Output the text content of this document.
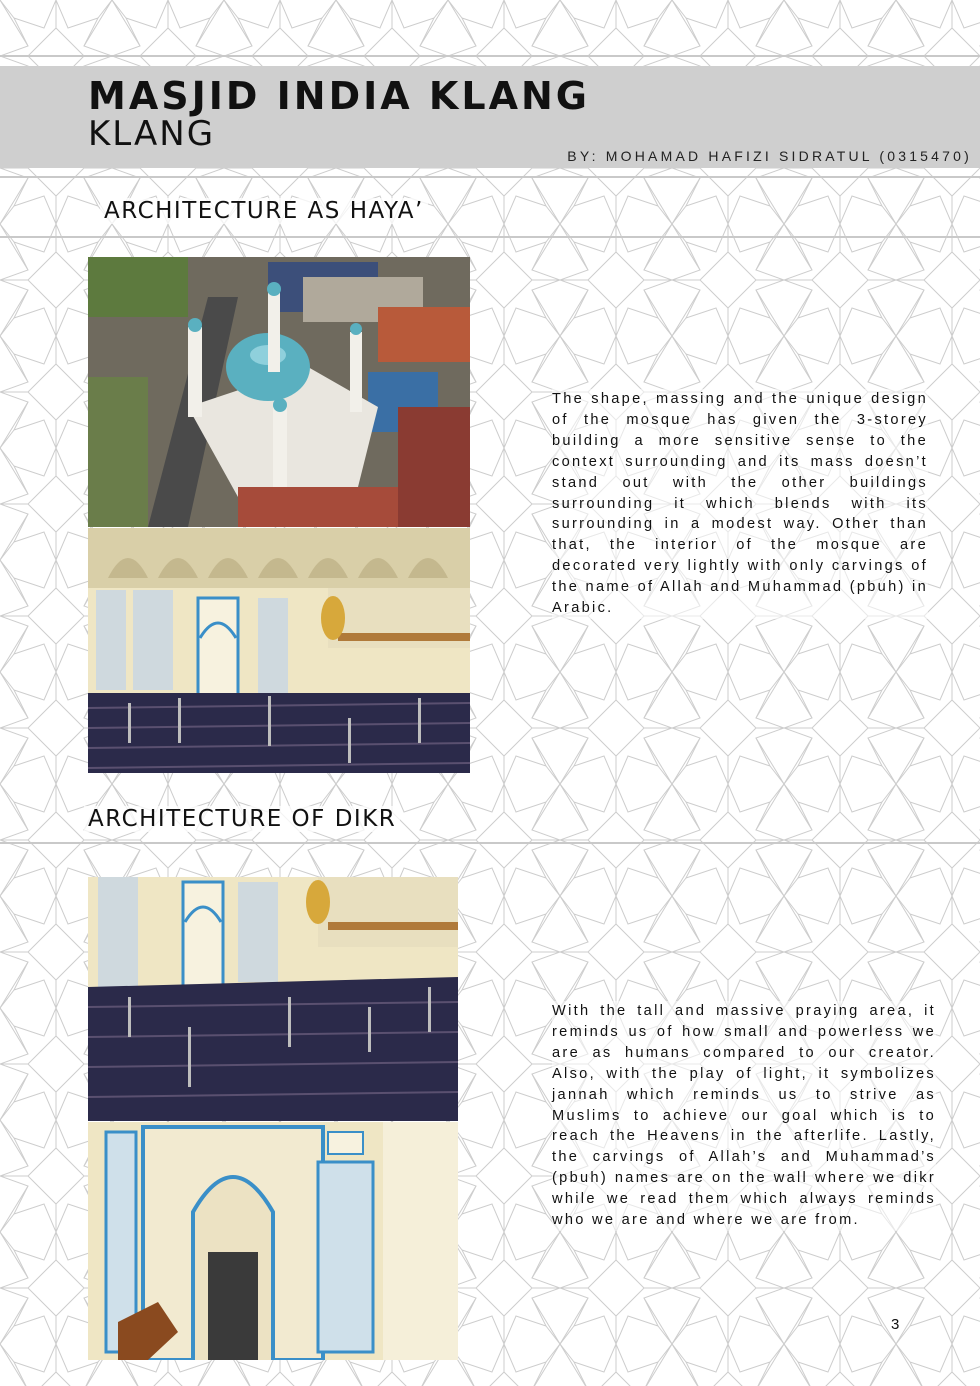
MASJID INDIA KLANG
KLANG
BY: MOHAMAD HAFIZI SIDRATUL (0315470)
ARCHITECTURE AS HAYA’

The shape, massing and the unique design of the mosque has given the 3-storey building a more sensitive sense to the context surrounding and its mass doesn’t stand out with the other buildings surrounding it which blends with its surrounding in a modest way. Other than that, the interior of the mosque are decorated very lightly with only carvings of the name of Allah and Muhammad (pbuh) in Arabic.

ARCHITECTURE OF DIKR

With the tall and massive praying area, it reminds us of how small and powerless we are as humans compared to our creator. Also, with the play of light, it symbolizes jannah which reminds us to strive as Muslims to achieve our goal which is to reach the Heavens in the afterlife. Lastly, the carvings of Allah’s and Muhammad’s (pbuh) names are on the wall where we dikr while we read them which always reminds who we are and where we are from.

3
